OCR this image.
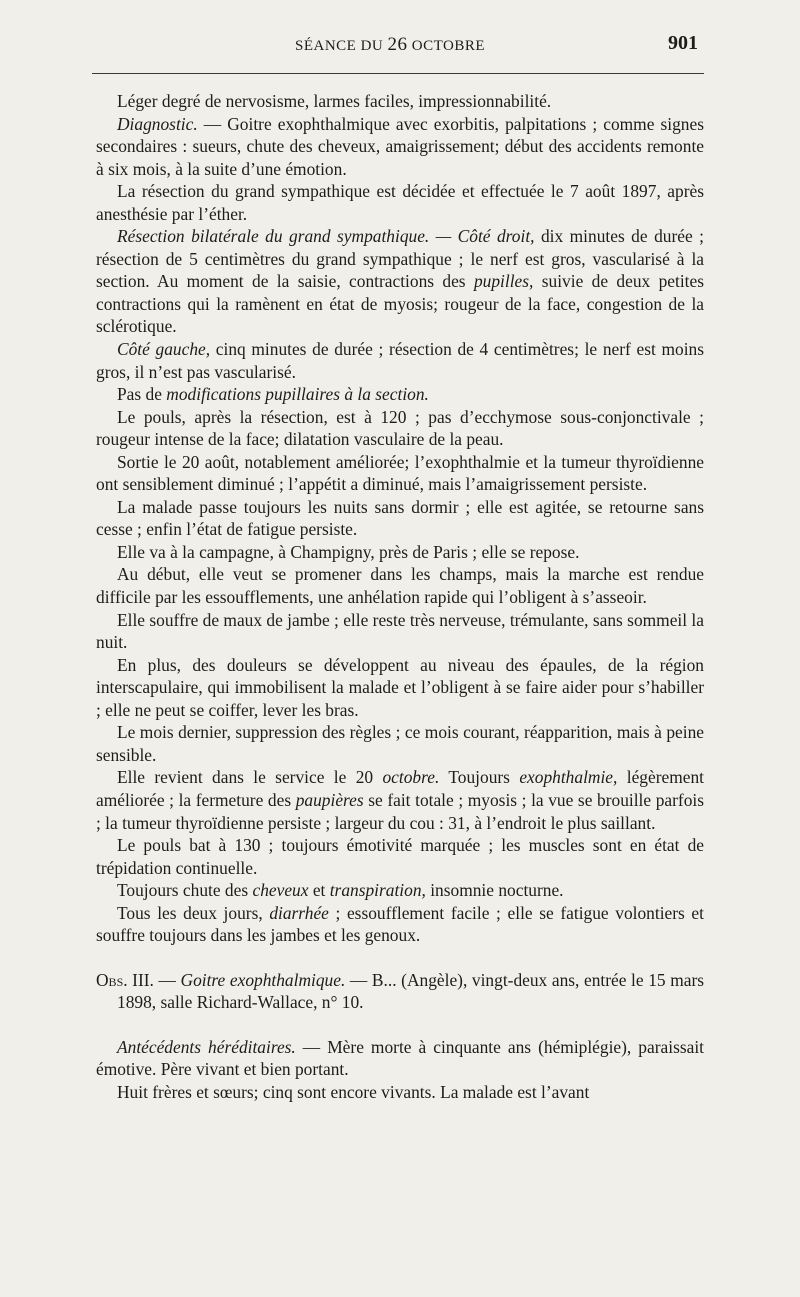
SÉANCE DU 26 OCTOBRE	901

Léger degré de nervosisme, larmes faciles, impressionnabilité.

Diagnostic. — Goitre exophthalmique avec exorbitis, palpitations ; comme signes secondaires : sueurs, chute des cheveux, amaigrissement; début des accidents remonte à six mois, à la suite d’une émotion.

La résection du grand sympathique est décidée et effectuée le 7 août 1897, après anesthésie par l’éther.

Résection bilatérale du grand sympathique. — Côté droit, dix minutes de durée ; résection de 5 centimètres du grand sympathique ; le nerf est gros, vascularisé à la section. Au moment de la saisie, contractions des pupilles, suivie de deux petites contractions qui la ramènent en état de myosis; rougeur de la face, congestion de la sclérotique.

Côté gauche, cinq minutes de durée ; résection de 4 centimètres; le nerf est moins gros, il n’est pas vascularisé.

Pas de modifications pupillaires à la section.

Le pouls, après la résection, est à 120 ; pas d’ecchymose sous-conjonctivale ; rougeur intense de la face; dilatation vasculaire de la peau.

Sortie le 20 août, notablement améliorée; l’exophthalmie et la tumeur thyroïdienne ont sensiblement diminué ; l’appétit a diminué, mais l’amaigrissement persiste.

La malade passe toujours les nuits sans dormir ; elle est agitée, se retourne sans cesse ; enfin l’état de fatigue persiste.

Elle va à la campagne, à Champigny, près de Paris ; elle se repose.

Au début, elle veut se promener dans les champs, mais la marche est rendue difficile par les essoufflements, une anhélation rapide qui l’obligent à s’asseoir.

Elle souffre de maux de jambe ; elle reste très nerveuse, trémulante, sans sommeil la nuit.

En plus, des douleurs se développent au niveau des épaules, de la région interscapulaire, qui immobilisent la malade et l’obligent à se faire aider pour s’habiller ; elle ne peut se coiffer, lever les bras.

Le mois dernier, suppression des règles ; ce mois courant, réapparition, mais à peine sensible.

Elle revient dans le service le 20 octobre. Toujours exophthalmie, légèrement améliorée ; la fermeture des paupières se fait totale ; myosis ; la vue se brouille parfois ; la tumeur thyroïdienne persiste ; largeur du cou : 31, à l’endroit le plus saillant.

Le pouls bat à 130 ; toujours émotivité marquée ; les muscles sont en état de trépidation continuelle.

Toujours chute des cheveux et transpiration, insomnie nocturne.

Tous les deux jours, diarrhée ; essoufflement facile ; elle se fatigue volontiers et souffre toujours dans les jambes et les genoux.

Obs. III. — Goitre exophthalmique. — B... (Angèle), vingt-deux ans, entrée le 15 mars 1898, salle Richard-Wallace, n° 10.

Antécédents héréditaires. — Mère morte à cinquante ans (hémiplégie), paraissait émotive. Père vivant et bien portant.

Huit frères et sœurs; cinq sont encore vivants. La malade est l’avant
